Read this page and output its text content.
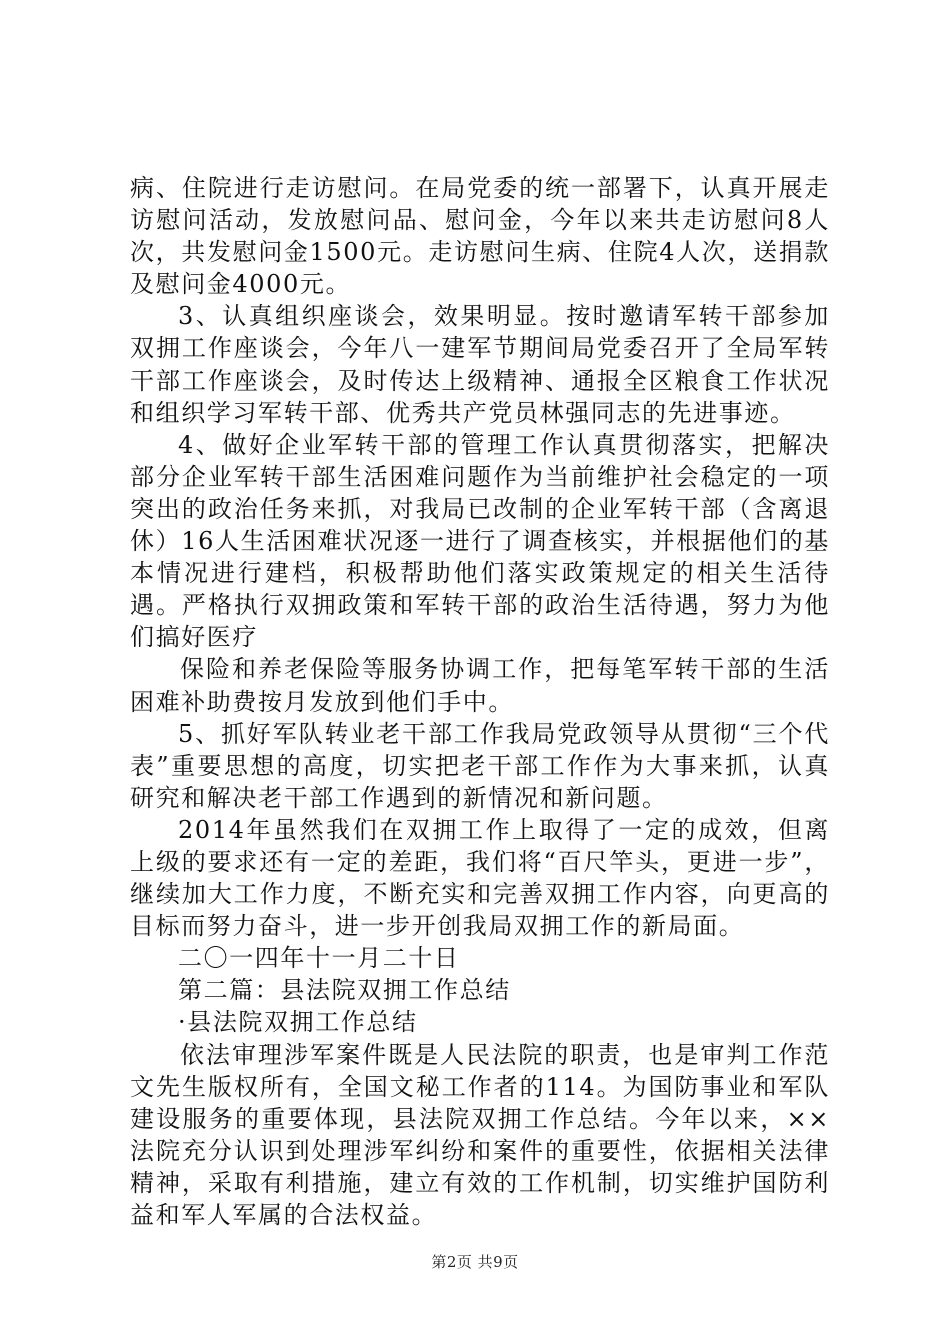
病、住院进行走访慰问。在局党委的统一部署下，认真开展走访慰问活动，发放慰问品、慰问金，今年以来共走访慰问8人次，共发慰问金1500元。走访慰问生病、住院4人次，送捐款及慰问金4000元。

3、认真组织座谈会，效果明显。按时邀请军转干部参加双拥工作座谈会，今年八一建军节期间局党委召开了全局军转干部工作座谈会，及时传达上级精神、通报全区粮食工作状况和组织学习军转干部、优秀共产党员林强同志的先进事迹。

4、做好企业军转干部的管理工作认真贯彻落实，把解决部分企业军转干部生活困难问题作为当前维护社会稳定的一项突出的政治任务来抓，对我局已改制的企业军转干部（含离退休）16人生活困难状况逐一进行了调查核实，并根据他们的基本情况进行建档，积极帮助他们落实政策规定的相关生活待遇。严格执行双拥政策和军转干部的政治生活待遇，努力为他们搞好医疗

保险和养老保险等服务协调工作，把每笔军转干部的生活困难补助费按月发放到他们手中。

5、抓好军队转业老干部工作我局党政领导从贯彻“三个代表”重要思想的高度，切实把老干部工作作为大事来抓，认真研究和解决老干部工作遇到的新情况和新问题。

2014年虽然我们在双拥工作上取得了一定的成效，但离上级的要求还有一定的差距，我们将“百尺竿头，更进一步”，继续加大工作力度，不断充实和完善双拥工作内容，向更高的目标而努力奋斗，进一步开创我局双拥工作的新局面。

二〇一四年十一月二十日

第二篇：县法院双拥工作总结

·县法院双拥工作总结

依法审理涉军案件既是人民法院的职责，也是审判工作范文先生版权所有，全国文秘工作者的114。为国防事业和军队建设服务的重要体现，县法院双拥工作总结。今年以来，××法院充分认识到处理涉军纠纷和案件的重要性，依据相关法律精神，采取有利措施，建立有效的工作机制，切实维护国防利益和军人军属的合法权益。

第2页 共9页
